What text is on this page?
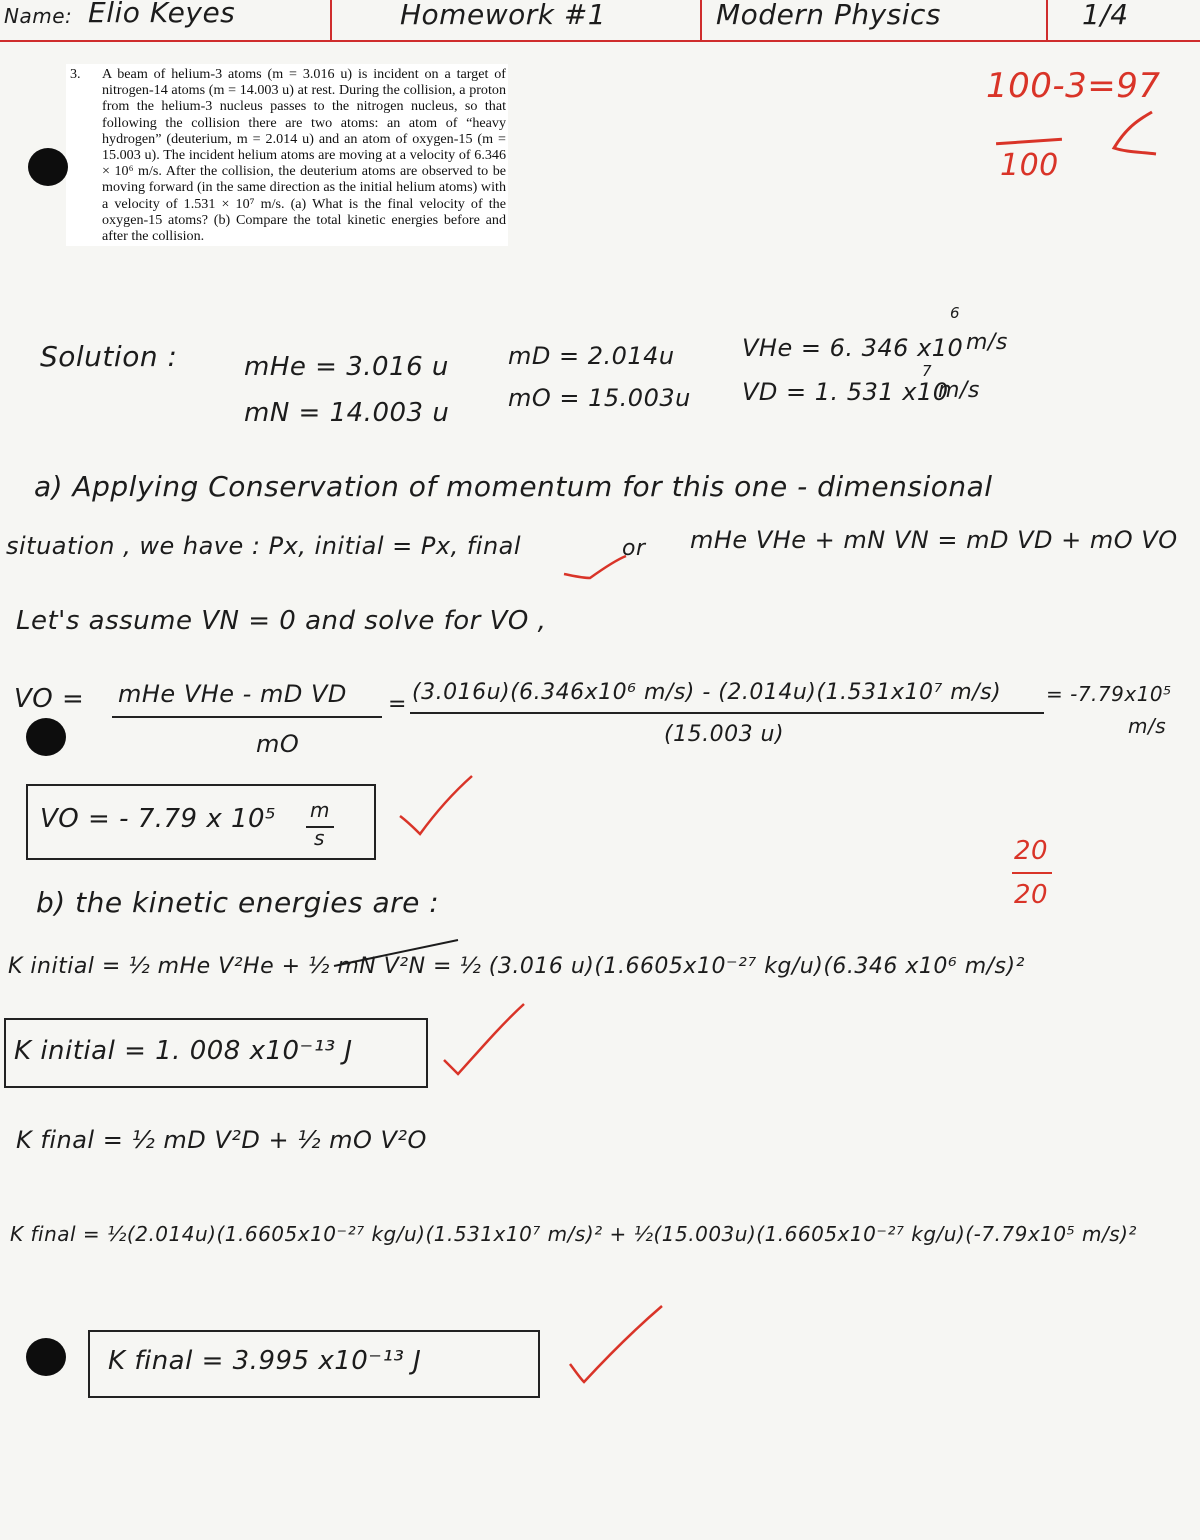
Name: Elio Keyes	Homework #1	Modern Physics	1/4
3. A beam of helium-3 atoms (m = 3.016 u) is incident on a target of nitrogen-14 atoms (m = 14.003 u) at rest. During the collision, a proton from the helium-3 nucleus passes to the nitrogen nucleus, so that following the collision there are two atoms: an atom of “heavy hydrogen” (deuterium, m = 2.014 u) and an atom of oxygen-15 (m = 15.003 u). The incident helium atoms are moving at a velocity of 6.346 × 10⁶ m/s. After the collision, the deuterium atoms are observed to be moving forward (in the same direction as the initial helium atoms) with a velocity of 1.531 × 10⁷ m/s. (a) What is the final velocity of the oxygen-15 atoms? (b) Compare the total kinetic energies before and after the collision.
100-3=97
100
Solution :	mHe = 3.016 u
mN = 14.003 u
mD = 2.014u
mO = 15.003u
VHe = 6. 346 x10
6
m/s
VD = 1. 531 x10
7
m/s
a) Applying Conservation of momentum for this one - dimensional
situation , we have : Px, initial = Px, final	or mHe VHe + mN VN = mD VD + mO VO
Let's assume VN = 0 and solve for VO ,
VO = mHe VHe - mD VD
mO
= (3.016u)(6.346x10⁶ m/s) - (2.014u)(1.531x10⁷ m/s)
(15.003 u)
= -7.79x10⁵
m/s
VO = - 7.79 x 10⁵ m
s	20
20
b) the kinetic energies are :
K initial = ½ mHe V²He + ½ mN V²N = ½ (3.016 u)(1.6605x10⁻²⁷ kg/u)(6.346 x10⁶ m/s)²
K initial = 1. 008 x10⁻¹³ J
K final = ½ mD V²D + ½ mO V²O
K final = ½(2.014u)(1.6605x10⁻²⁷ kg/u)(1.531x10⁷ m/s)² + ½(15.003u)(1.6605x10⁻²⁷ kg/u)(-7.79x10⁵ m/s)²
K final = 3.995 x10⁻¹³ J
